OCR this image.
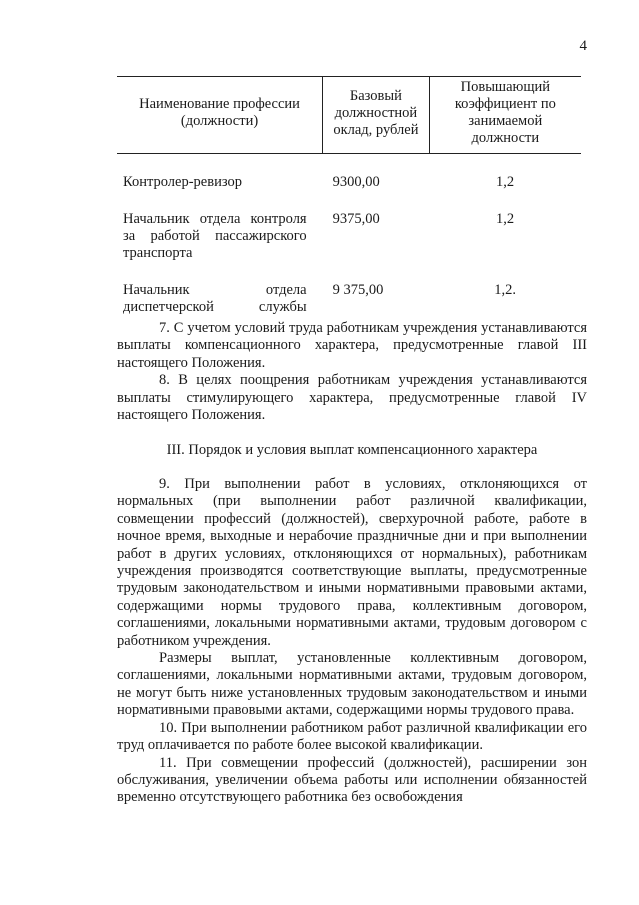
4
Наименование профессии (должности)	Базовый должностной оклад, рублей	Повышающий коэффициент по занимаемой должности

Контролер-ревизор	9300,00	1,2

Начальник отдела контроля за работой пассажирского транспорта	9375,00	1,2

Начальник отдела диспетчерской службы	9 375,00	1,2.

7. С учетом условий труда работникам учреждения устанавливаются выплаты компенсационного характера, предусмотренные главой III настоящего Положения.

8. В целях поощрения работникам учреждения устанавливаются выплаты стимулирующего характера, предусмотренные главой IV настоящего Положения.

III. Порядок и условия выплат компенсационного характера

9. При выполнении работ в условиях, отклоняющихся от нормальных (при выполнении работ различной квалификации, совмещении профессий (должностей), сверхурочной работе, работе в ночное время, выходные и нерабочие праздничные дни и при выполнении работ в других условиях, отклоняющихся от нормальных), работникам учреждения производятся соответствующие выплаты, предусмотренные трудовым законодательством и иными нормативными правовыми актами, содержащими нормы трудового права, коллективным договором, соглашениями, локальными нормативными актами, трудовым договором с работником учреждения.

Размеры выплат, установленные коллективным договором, соглашениями, локальными нормативными актами, трудовым договором, не могут быть ниже установленных трудовым законодательством и иными нормативными правовыми актами, содержащими нормы трудового права.

10. При выполнении работником работ различной квалификации его труд оплачивается по работе более высокой квалификации.

11. При совмещении профессий (должностей), расширении зон обслуживания, увеличении объема работы или исполнении обязанностей временно отсутствующего работника без освобождения
